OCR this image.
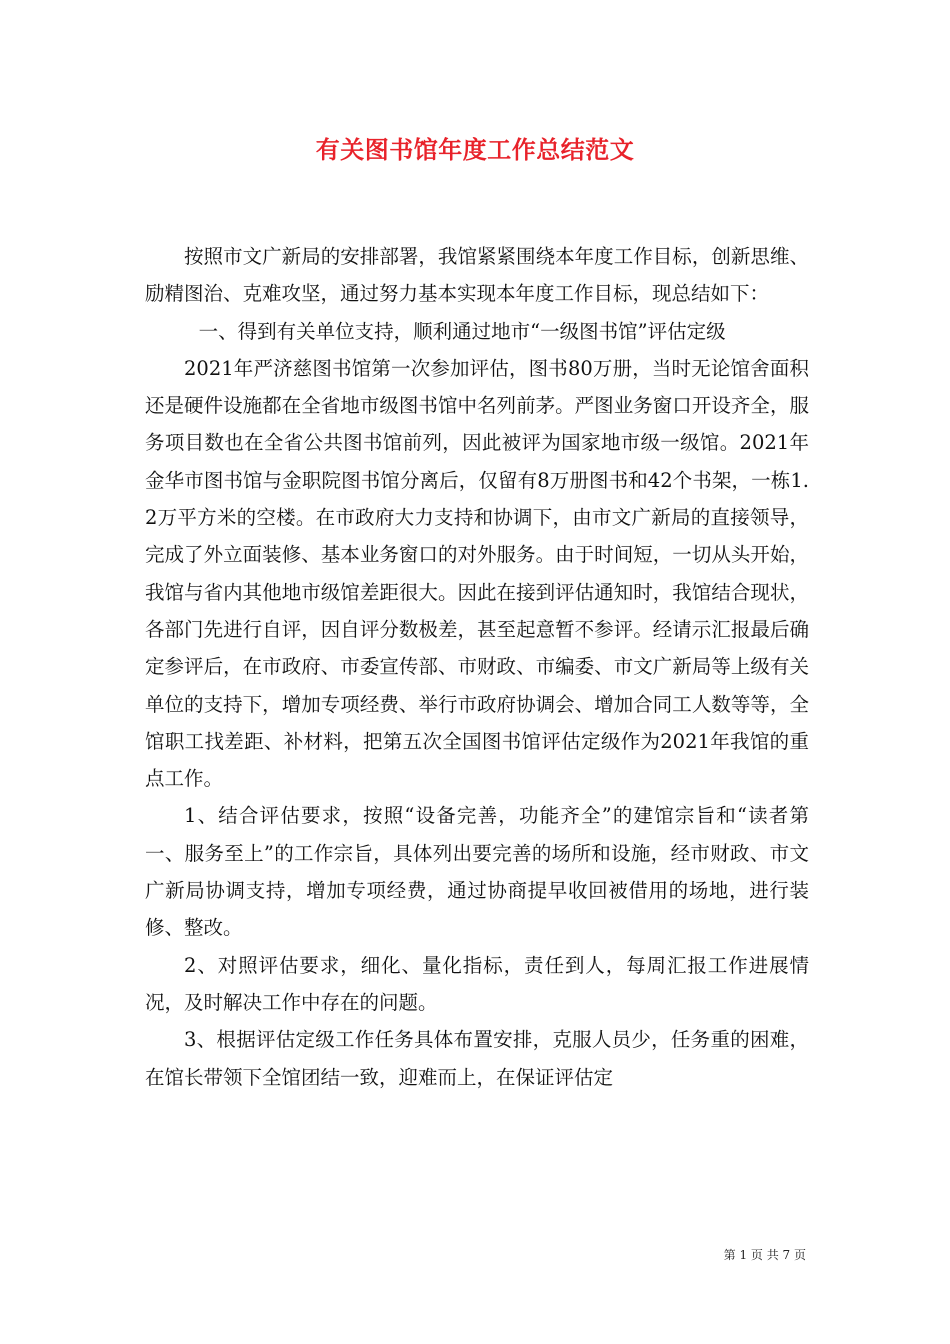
有关图书馆年度工作总结范文

按照市文广新局的安排部署，我馆紧紧围绕本年度工作目标，创新思维、励精图治、克难攻坚，通过努力基本实现本年度工作目标，现总结如下：

一、得到有关单位支持，顺利通过地市“一级图书馆”评估定级

2021年严济慈图书馆第一次参加评估，图书80万册，当时无论馆舍面积还是硬件设施都在全省地市级图书馆中名列前茅。严图业务窗口开设齐全，服务项目数也在全省公共图书馆前列，因此被评为国家地市级一级馆。2021年金华市图书馆与金职院图书馆分离后，仅留有8万册图书和42个书架，一栋1.2万平方米的空楼。在市政府大力支持和协调下，由市文广新局的直接领导，完成了外立面装修、基本业务窗口的对外服务。由于时间短，一切从头开始，我馆与省内其他地市级馆差距很大。因此在接到评估通知时，我馆结合现状，各部门先进行自评，因自评分数极差，甚至起意暂不参评。经请示汇报最后确定参评后，在市政府、市委宣传部、市财政、市编委、市文广新局等上级有关单位的支持下，增加专项经费、举行市政府协调会、增加合同工人数等等，全馆职工找差距、补材料，把第五次全国图书馆评估定级作为2021年我馆的重点工作。

1、结合评估要求，按照“设备完善，功能齐全”的建馆宗旨和“读者第一、服务至上”的工作宗旨，具体列出要完善的场所和设施，经市财政、市文广新局协调支持，增加专项经费，通过协商提早收回被借用的场地，进行装修、整改。

2、对照评估要求，细化、量化指标，责任到人，每周汇报工作进展情况，及时解决工作中存在的问题。

3、根据评估定级工作任务具体布置安排，克服人员少，任务重的困难，在馆长带领下全馆团结一致，迎难而上，在保证评估定

第 1 页 共 7 页
